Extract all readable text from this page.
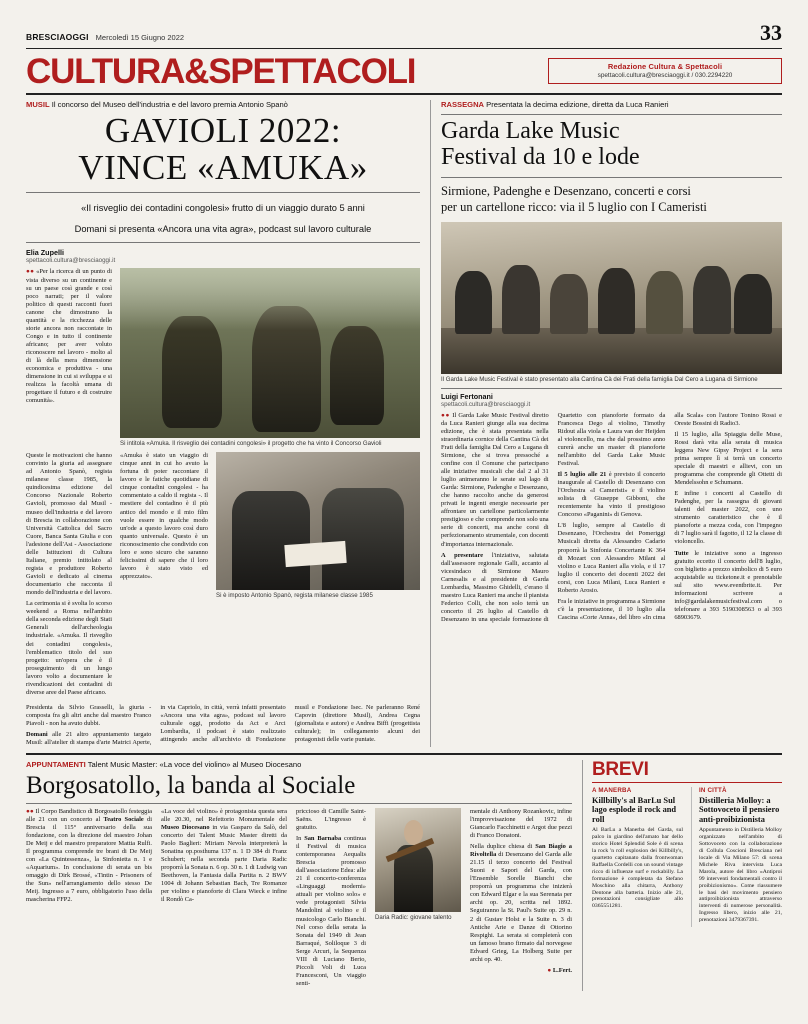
BRESCIAOGGI Mercoledì 15 Giugno 2022	33
CULTURA&SPETTACOLI	Redazione Cultura & Spettacoli
spettacoli.cultura@bresciaoggi.it / 030.2294220
MUSIL Il concorso del Museo dell'industria e del lavoro premia Antonio Spanò
GAVIOLI 2022:
VINCE «AMUKA»
«Il risveglio dei contadini congolesi» frutto di un viaggio durato 5 anni
Domani si presenta «Ancora una vita agra», podcast sul lavoro culturale
Elia Zupelli
spettacoli.cultura@bresciaoggi.it

●● «Per la ricerca di un punto di vista diverso su un continente e su un paese così grande e così poco narrati; per il valore politico di questi racconti fuori canone che dimostrano la quantità e la ricchezza delle storie ancora non raccontate in Congo e in tutto il continente africano; per aver voluto riconoscere nel lavoro - molto al di là della mera dimensione economica e produttiva - una dimensione in cui si sviluppa e si realizza la facoltà umana di progettare il futuro e di costruire comunità».

Si intitola «Amuka. Il risveglio dei contadini congolesi» il progetto che ha vinto il Concorso Gavioli

Queste le motivazioni che hanno convinto la giuria ad assegnare ad Antonio Spanò, regista milanese classe 1985, la quindicesima edizione del Concorso Nazionale Roberto Gavioli, promosso dal Musil - museo dell'industria e del lavoro di Brescia in collaborazione con Università Cattolica del Sacro Cuore, Banca Santa Giulia e con l'adesione dell'Asi - Associazione delle Istituzioni di Cultura Italiane, premio intitolato al regista e produttore Roberto Gavioli e dedicato al cinema documentario che racconta il mondo dell'industria e del lavoro.

La cerimonia si è svolta lo scorso weekend a Roma nell'ambito della seconda edizione degli Stati Generali dell'archeologia industriale. «Amuka. Il risveglio dei contadini congolesi», l'emblematico titolo del suo progetto: un'opera che è il proseguimento di un lungo lavoro volto a documentare le rivendicazioni dei contadini di diverse aree del Paese africano.

«Amuka è stato un viaggio di cinque anni in cui ho avuto la fortuna di poter raccontare il lavoro e le fatiche quotidiane di cinque contadini congolesi - ha commentato a caldo il regista -. Il mestiere del contadino è il più antico del mondo e il mio film vuole essere in qualche modo un'ode a questo lavoro così duro quanto universale. Questo è un riconoscimento che condivido con loro e sono sicuro che saranno felicissimi di sapere che il loro lavoro è stato visto ed apprezzato».

Si è imposto Antonio Spanò, regista milanese classe 1985

Presidenta da Silvio Grasselli, la giuria - composta fra gli altri anche dal maestro Franco Piavoli - non ha avuto dubbi.

Domani alle 21 altro appuntamento targato Musil: all'atelier di stampa d'arte Matrici Aperte, in via Capriolo, in città, verrà infatti presentato «Ancora una vita agra», podcast sul lavoro culturale oggi, prodotto da Act e Arci Lombardia, il podcast è stato realizzato attingendo anche all'archivio di Fondazione musil e Fondazione Isec. Ne parleranno René Capovin (direttore Musil), Andrea Cegna (giornalista e autore) e Andrea Biffi (progettista culturale); in collegamento alcuni dei protagonisti delle varie puntate.

RASSEGNA Presentata la decima edizione, diretta da Luca Ranieri
Garda Lake Music
Festival da 10 e lode
Sirmione, Padenghe e Desenzano, concerti e corsi
per un cartellone ricco: via il 5 luglio con I Cameristi
Il Garda Lake Music Festival è stato presentato alla Cantina Cà dei Frati della famiglia Dal Cero a Lugana di Sirmione
Luigi Fertonani
spettacoli.cultura@bresciaoggi.it

●● Il Garda Lake Music Festival diretto da Luca Ranieri giunge alla sua decima edizione, che è stata presentata nella straordinaria cornice della Cantina Cà dei Frati della famiglia Dal Cero a Lugana di Sirmione, che si trova pressoché a confine con il Comune che partecipano alle iniziative musicali che dal 2 al 31 luglio animeranno le serate sul lago di Garda: Sirmione, Padenghe e Desenzano, che hanno raccolto anche da generosi privati le ingenti energie necessarie per affrontare un cartellone particolarmente prestigioso e che comprende non solo una serie di concerti, ma anche corsi di perfezionamento strumentale, con docenti d'importanza internazionale.

A presentare l'iniziativa, salutata dall'assessore regionale Galli, accanto al vicesindaco di Sirmione Mauro Carnesalis e al presidente di Garda Lombardia, Massimo Ghidelli, c'erano il maestro Luca Ranieri ma anche il pianista Federico Colli, che non solo terrà un concerto il 26 luglio al Castello di Desenzano in una speciale formazione di Quartetto con pianoforte formato da Francesca Dego al violino, Timothy Ridout alla viola e Laura van der Heijden al violoncello, ma che dal prossimo anno curerà anche un master di pianoforte nell'ambito del Garda Lake Music Festival.

Il 5 luglio alle 21 è previsto il concerto inaugurale al Castello di Desenzano con l'Orchestra «I Cameristi» e il violino solista di Giuseppe Gibboni, che recentemente ha vinto il prestigioso Concorso «Paganini» di Genova.

L'8 luglio, sempre al Castello di Desenzano, l'Orchestra dei Pomeriggi Musicali diretta da Alessandro Cadario proporrà la Sinfonia Concertante K 364 di Mozart con Alessandro Milani al violino e Luca Ranieri alla viola, e il 17 luglio il concerto dei docenti 2022 dei corsi, con Luca Milani, Luca Ranieri e Roberto Arosio.

Fra le iniziative in programma a Sirmione c'è la presentazione, il 10 luglio alla Cascina «Corte Anna», del libro «In cima alla Scala» con l'autore Tonino Rossi e Oreste Bossini di Radio3.

Il 15 luglio, alla Spiaggia delle Muse, Rossi darà vita alla serata di musica leggera New Gipsy Project e la sera prima sempre lì si terrà un concerto speciale di maestri e allievi, con un programma che comprende gli Ottetti di Mendelssohn e Schumann.

E infine i concerti al Castello di Padenghe, per la rassegna di giovani talenti del master 2022, con uno strumento caratteristico che è il pianoforte a mezza coda, con l'impegno di 7 luglio sarà il fagotto, il 12 la classe di violoncello.

Tutte le iniziative sono a ingresso gratuito eccetto il concerto dell'8 luglio, con biglietto a prezzo simbolico di 5 euro acquistabile su ticketone.it e prenotabile sul sito www.eventbrite.it. Per informazioni scrivere a info@gardalakemusicfestival.com o telefonare a 393 5190308563 o al 393 68903679.

APPUNTAMENTI Talent Music Master: «La voce del violino» al Museo Diocesano
Borgosatollo, la banda al Sociale

●● Il Corpo Bandistico di Borgosatollo festeggia alle 21 con un concerto al Teatro Sociale di Brescia il 115° anniversario della sua fondazione, con la direzione del maestro Johan De Meij e del maestro preparatore Mattia Rulfi. Il programma comprende tre brani di De Meij con «La Quintessenza», la Sinfonietta n. 1 e «Aquarium». In conclusione di serata un bis omaggio di Dirk Brossé, «Tintin - Prisoners of the Sun» nell'arrangiamento dello stesso De Meij. Ingresso a 7 euro, obbligatorio l'uso della mascherina FFP2.

«La voce del violino» è protagonista questa sera alle 20.30, nel Refettorio Monumentale del Museo Diocesano in via Gasparo da Salò, del concerto dei Talent Music Master diretti da Paolo Baglieri: Miriam Nevola interpreterà la Sonatina op.posthuma 137 n. 1 D 384 di Franz Schubert; nella seconda parte Daria Radic proporrà la Sonata n. 6 op. 30 n. 1 di Ludwig van Beethoven, la Fantasia dalla Partita n. 2 BWV 1004 di Johann Sebastian Bach, Tre Romanze per violino e pianoforte di Clara Wieck e infine il Rondò Ca-

priccioso di Camille Saint-Saëns. L'ingresso è gratuito.

In San Barnaba continua il Festival di musica contemporanea Aequalis Brescia promosso dall'associazione Edea: alle 21 il concerto-conferenza «Linguaggi moderni» attuali per violino solo» e vede protagonisti Silvia Mandolini al violino e il musicologo Carlo Bianchi. Nel corso della serata la Sonata del 1949 di Jean Barraqué, Soliloque 3 di Serge Arcuri, la Sequenza VIII di Luciano Berio, Piccoli Voli di Luca Francesconi, Un viaggio senti-

Daria Radic: giovane talento

mentale di Anthony Rozankovic, infine l'improvvisazione del 1972 di Giancarlo Facchinetti e Argot due pezzi di Franco Donatoni.

Nella duplice chiesa di San Biagio a Rivoltella di Desenzano del Garda alle 21.15 il terzo concerto del Festival Suoni e Sapori del Garda, con l'Ensemble Sorelle Bianchi che proporrà un programma che inizierà con Edward Elgar e la sua Serenata per archi op. 20, scritta nel 1892. Seguiranno la St. Paul's Suite op. 29 n. 2 di Gustav Holst e la Suite n. 3 di Antiche Arie e Danze di Ottorino Respighi. La serata si completerà con un famoso brano firmato dal norvegese Edvard Grieg, La Holberg Suite per archi op. 40.

● L.Fert.

BREVI
A MANERBA
Killbilly's al BarLu Sul lago esplode il rock and roll

Al BarLu a Manerba del Garda, sul palco in giardino dell'amato bar dello storico Hotel Splendid Sole è di scena la rock 'n roll explosion dei Killbilly's, quartetto capitanato dalla frontwoman Raffaella Cordelli con un sound vintage ricco di influenze surf e rockabilly. La formazione è completata da Stefano Moschino alla chitarra, Anthony Dentone alla batteria. Inizio alle 21, prenotazioni consigliate allo 0365551281.

IN CITTÀ
Distilleria Molloy: a Sottovoceto il pensiero anti-proibizionista

Appuntamento in Distilleria Molloy organizzato nell'ambito di Sottovoceto con la collaborazione di Collula Coscioni Bresciana nel locale di Via Milano 57: di scena Michele Riva intervista Luca Marola, autore del libro «Antiproi 99 interventi fondamentali contro il proibizionismo». Come riassumere le basi del movimento pensiero antiproibizionista attraverso interventi di numerose personalità. Ingresso libero, inizio alle 21, prenotazioni 3479367391.
